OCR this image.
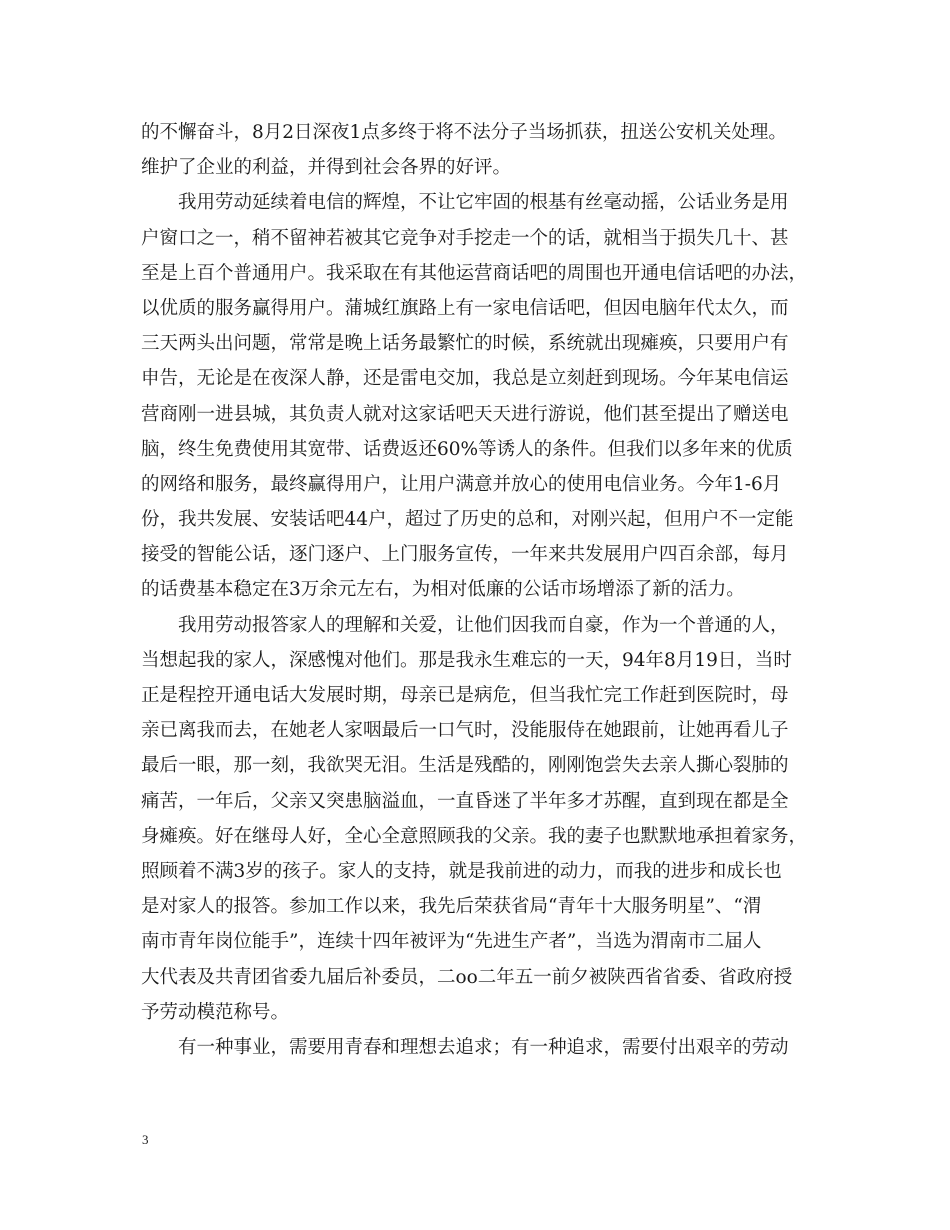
的不懈奋斗，8月2日深夜1点多终于将不法分子当场抓获，扭送公安机关处理。
维护了企业的利益，并得到社会各界的好评。
我用劳动延续着电信的辉煌，不让它牢固的根基有丝毫动摇，公话业务是用
户窗口之一，稍不留神若被其它竞争对手挖走一个的话，就相当于损失几十、甚
至是上百个普通用户。我采取在有其他运营商话吧的周围也开通电信话吧的办法，
以优质的服务赢得用户。蒲城红旗路上有一家电信话吧，但因电脑年代太久，而
三天两头出问题，常常是晚上话务最繁忙的时候，系统就出现瘫痪，只要用户有
申告，无论是在夜深人静，还是雷电交加，我总是立刻赶到现场。今年某电信运
营商刚一进县城，其负责人就对这家话吧天天进行游说，他们甚至提出了赠送电
脑，终生免费使用其宽带、话费返还60%等诱人的条件。但我们以多年来的优质
的网络和服务，最终赢得用户，让用户满意并放心的使用电信业务。今年1-6月
份，我共发展、安装话吧44户，超过了历史的总和，对刚兴起，但用户不一定能
接受的智能公话，逐门逐户、上门服务宣传，一年来共发展用户四百余部，每月
的话费基本稳定在3万余元左右，为相对低廉的公话市场增添了新的活力。
我用劳动报答家人的理解和关爱，让他们因我而自豪，作为一个普通的人，
当想起我的家人，深感愧对他们。那是我永生难忘的一天，94年8月19日，当时
正是程控开通电话大发展时期，母亲已是病危，但当我忙完工作赶到医院时，母
亲已离我而去，在她老人家咽最后一口气时，没能服侍在她跟前，让她再看儿子
最后一眼，那一刻，我欲哭无泪。生活是残酷的，刚刚饱尝失去亲人撕心裂肺的
痛苦，一年后，父亲又突患脑溢血，一直昏迷了半年多才苏醒，直到现在都是全
身瘫痪。好在继母人好，全心全意照顾我的父亲。我的妻子也默默地承担着家务，
照顾着不满3岁的孩子。家人的支持，就是我前进的动力，而我的进步和成长也
是对家人的报答。参加工作以来，我先后荣获省局“青年十大服务明星”、“渭
南市青年岗位能手”，连续十四年被评为“先进生产者”，当选为渭南市二届人
大代表及共青团省委九届后补委员，二oo二年五一前夕被陕西省省委、省政府授
予劳动模范称号。
有一种事业，需要用青春和理想去追求；有一种追求，需要付出艰辛的劳动
3
